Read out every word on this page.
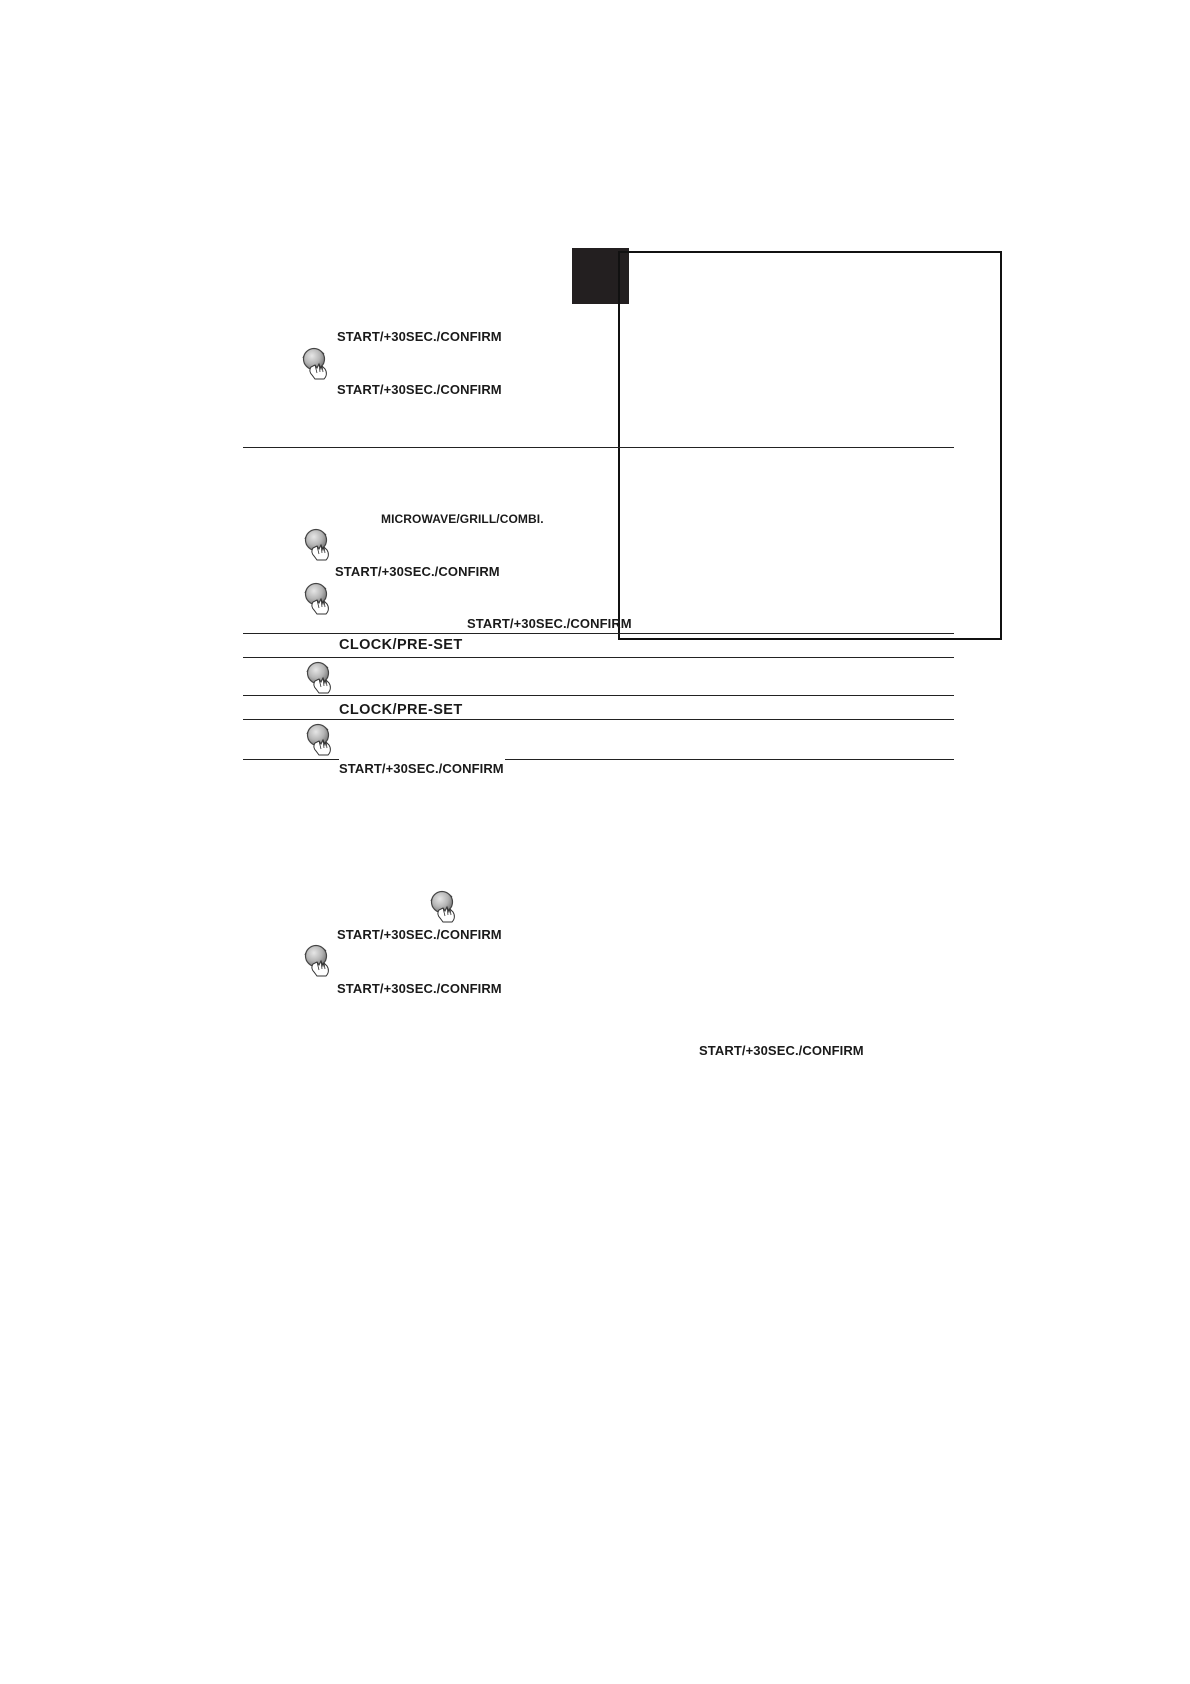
START/+30SEC./CONFIRM
START/+30SEC./CONFIRM
MICROWAVE/GRILL/COMBI.
START/+30SEC./CONFIRM
START/+30SEC./CONFIRM
CLOCK/PRE-SET
CLOCK/PRE-SET
START/+30SEC./CONFIRM
START/+30SEC./CONFIRM
START/+30SEC./CONFIRM
START/+30SEC./CONFIRM
